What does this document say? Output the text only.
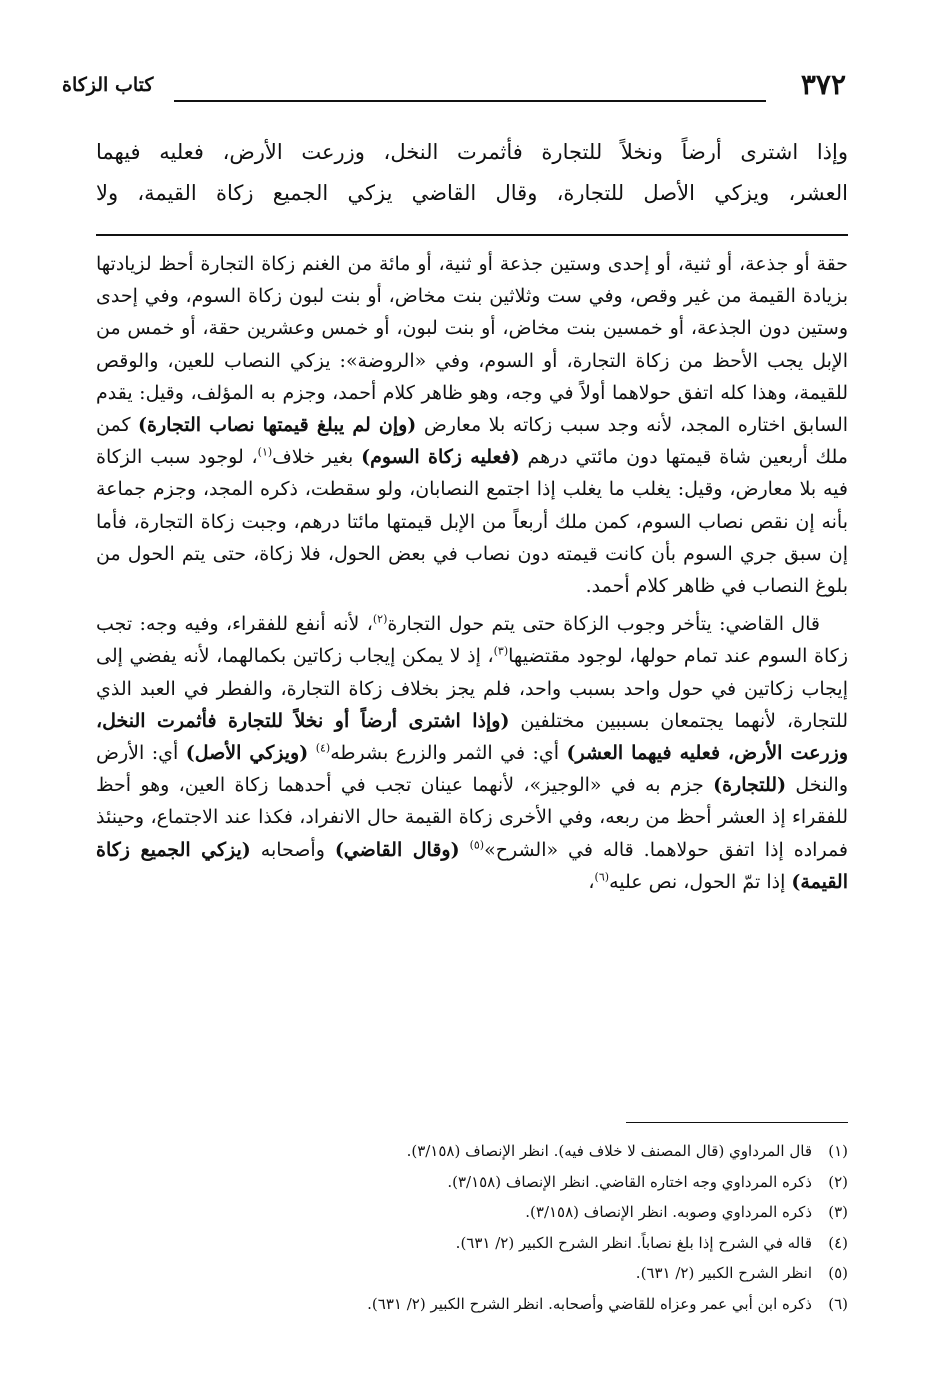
٣٧٢
كتاب الزكاة

وإذا اشترى أرضاً ونخلاً للتجارة فأثمرت النخل، وزرعت الأرض، فعليه فيهما

العشر، ويزكي الأصل للتجارة، وقال القاضي يزكي الجميع زكاة القيمة، ولا

حقة أو جذعة، أو ثنية، أو إحدى وستين جذعة أو ثنية، أو مائة من الغنم زكاة التجارة أحظ لزيادتها بزيادة القيمة من غير وقص، وفي ست وثلاثين بنت مخاض، أو بنت لبون زكاة السوم، وفي إحدى وستين دون الجذعة، أو خمسين بنت مخاض، أو بنت لبون، أو خمس وعشرين حقة، أو خمس من الإبل يجب الأحظ من زكاة التجارة، أو السوم، وفي «الروضة»: يزكي النصاب للعين، والوقص للقيمة، وهذا كله اتفق حولاهما أولاً في وجه، وهو ظاهر كلام أحمد، وجزم به المؤلف، وقيل: يقدم السابق اختاره المجد، لأنه وجد سبب زكاته بلا معارض (وإن لم يبلغ قيمتها نصاب التجارة) كمن ملك أربعين شاة قيمتها دون مائتي درهم (فعليه زكاة السوم) بغير خلاف$^{(١)}$، لوجود سبب الزكاة فيه بلا معارض، وقيل: يغلب ما يغلب إذا اجتمع النصابان، ولو سقطت، ذكره المجد، وجزم جماعة بأنه إن نقص نصاب السوم، كمن ملك أربعاً من الإبل قيمتها مائتا درهم، وجبت زكاة التجارة، فأما إن سبق جري السوم بأن كانت قيمته دون نصاب في بعض الحول، فلا زكاة، حتى يتم الحول من بلوغ النصاب في ظاهر كلام أحمد.

قال القاضي: يتأخر وجوب الزكاة حتى يتم حول التجارة$^{(٢)}$، لأنه أنفع للفقراء، وفيه وجه: تجب زكاة السوم عند تمام حولها، لوجود مقتضيها$^{(٣)}$، إذ لا يمكن إيجاب زكاتين بكمالهما، لأنه يفضي إلى إيجاب زكاتين في حول واحد بسبب واحد، فلم يجز بخلاف زكاة التجارة، والفطر في العبد الذي للتجارة، لأنهما يجتمعان بسببين مختلفين (وإذا اشترى أرضاً أو نخلاً للتجارة فأثمرت النخل، وزرعت الأرض، فعليه فيهما العشر) أي: في الثمر والزرع بشرطه$^{(٤)}$ (ويزكي الأصل) أي: الأرض والنخل (للتجارة) جزم به في «الوجيز»، لأنهما عينان تجب في أحدهما زكاة العين، وهو أحظ للفقراء إذ العشر أحظ من ربعه، وفي الأخرى زكاة القيمة حال الانفراد، فكذا عند الاجتماع، وحينئذ فمراده إذا اتفق حولاهما. قاله في «الشرح»$^{(٥)}$ (وقال القاضي) وأصحابه (يزكي الجميع زكاة القيمة) إذا تمّ الحول، نص عليه$^{(٦)}$،

(١)
قال المرداوي (قال المصنف لا خلاف فيه). انظر الإنصاف (٣/١٥٨).
(٢)
ذكره المرداوي وجه اختاره القاضي. انظر الإنصاف (٣/١٥٨).
(٣)
ذكره المرداوي وصوبه. انظر الإنصاف (٣/١٥٨).
(٤)
قاله في الشرح إذا بلغ نصاباً. انظر الشرح الكبير (٢/ ٦٣١).
(٥)
انظر الشرح الكبير (٢/ ٦٣١).
(٦)
ذكره ابن أبي عمر وعزاه للقاضي وأصحابه. انظر الشرح الكبير (٢/ ٦٣١).
